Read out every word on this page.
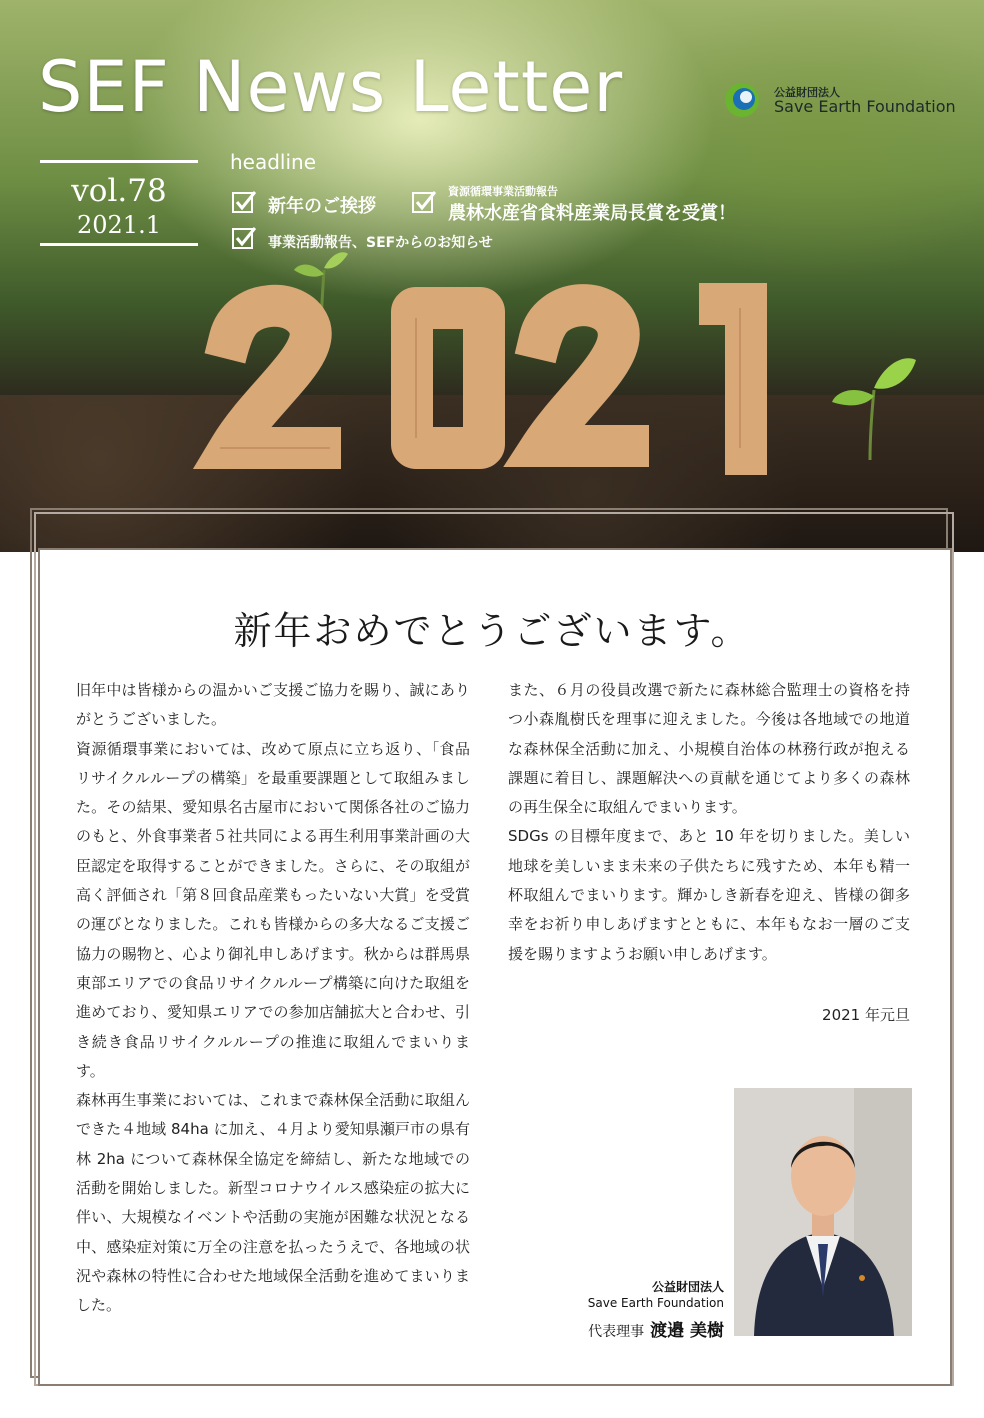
SEF News Letter	公益財団法人
Save Earth Foundation
vol.78
2021.1
headline
新年のご挨拶
資源循環事業活動報告
農林水産省食料産業局長賞を受賞！
事業活動報告、SEFからのお知らせ
新年おめでとうございます。

旧年中は皆様からの温かいご支援ご協力を賜り、誠にありがとうございました。

資源循環事業においては、改めて原点に立ち返り、「食品リサイクルループの構築」を最重要課題として取組みました。その結果、愛知県名古屋市において関係各社のご協力のもと、外食事業者５社共同による再生利用事業計画の大臣認定を取得することができました。さらに、その取組が高く評価され「第８回食品産業もったいない大賞」を受賞の運びとなりました。これも皆様からの多大なるご支援ご協力の賜物と、心より御礼申しあげます。秋からは群馬県東部エリアでの食品リサイクルループ構築に向けた取組を進めており、愛知県エリアでの参加店舗拡大と合わせ、引き続き食品リサイクルループの推進に取組んでまいります。

森林再生事業においては、これまで森林保全活動に取組んできた４地域 84ha に加え、４月より愛知県瀬戸市の県有林 2ha について森林保全協定を締結し、新たな地域での活動を開始しました。新型コロナウイルス感染症の拡大に伴い、大規模なイベントや活動の実施が困難な状況となる中、感染症対策に万全の注意を払ったうえで、各地域の状況や森林の特性に合わせた地域保全活動を進めてまいりました。

また、６月の役員改選で新たに森林総合監理士の資格を持つ小森胤樹氏を理事に迎えました。今後は各地域での地道な森林保全活動に加え、小規模自治体の林務行政が抱える課題に着目し、課題解決への貢献を通じてより多くの森林の再生保全に取組んでまいります。

SDGs の目標年度まで、あと 10 年を切りました。美しい地球を美しいまま未来の子供たちに残すため、本年も精一杯取組んでまいります。輝かしき新春を迎え、皆様の御多幸をお祈り申しあげますとともに、本年もなお一層のご支援を賜りますようお願い申しあげます。

2021 年元旦
公益財団法人
Save Earth Foundation
代表理事 渡邉 美樹
